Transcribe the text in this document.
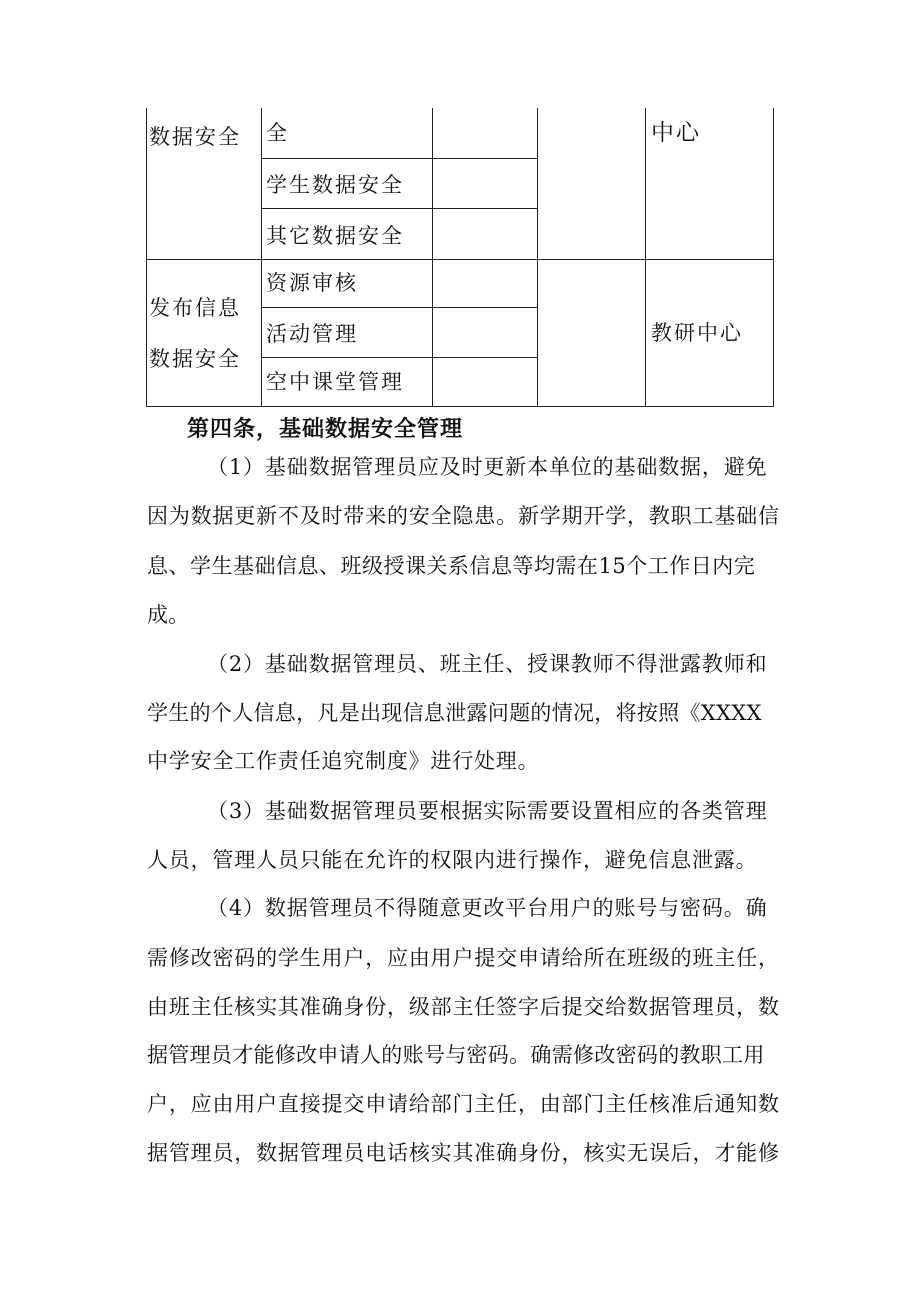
数据安全 全
学生数据安全
其它数据安全
中心
发布信息
数据安全
资源审核
活动管理
空中课堂管理
教研中心
第四条，基础数据安全管理
（1）基础数据管理员应及时更新本单位的基础数据，避免
因为数据更新不及时带来的安全隐患。新学期开学，教职工基础信
息、学生基础信息、班级授课关系信息等均需在15个工作日内完
成。
（2）基础数据管理员、班主任、授课教师不得泄露教师和
学生的个人信息，凡是出现信息泄露问题的情况，将按照《XXXX
中学安全工作责任追究制度》进行处理。
（3）基础数据管理员要根据实际需要设置相应的各类管理
人员，管理人员只能在允许的权限内进行操作，避免信息泄露。
（4）数据管理员不得随意更改平台用户的账号与密码。确
需修改密码的学生用户，应由用户提交申请给所在班级的班主任，
由班主任核实其准确身份，级部主任签字后提交给数据管理员，数
据管理员才能修改申请人的账号与密码。确需修改密码的教职工用
户，应由用户直接提交申请给部门主任，由部门主任核准后通知数
据管理员，数据管理员电话核实其准确身份，核实无误后，才能修
